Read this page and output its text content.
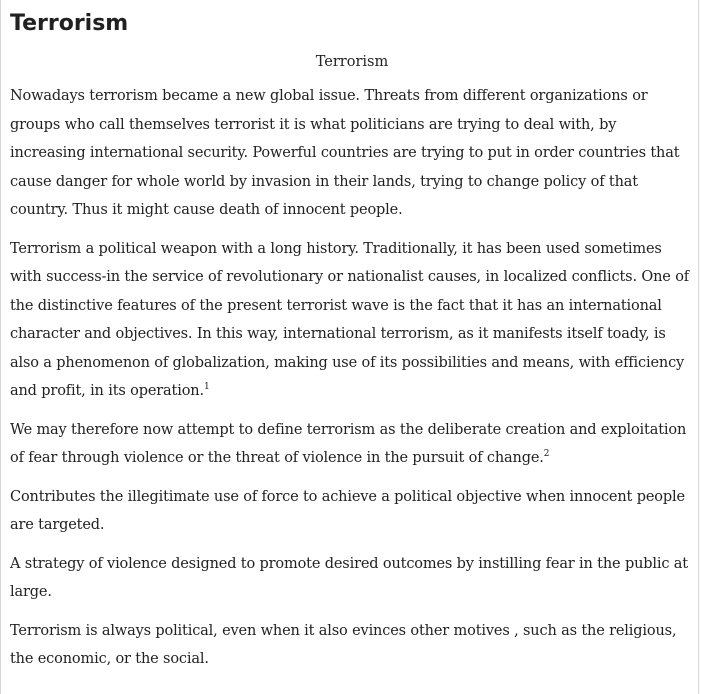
Terrorism

Terrorism

Nowadays terrorism became a new global issue. Threats from different organizations or groups who call themselves terrorist it is what politicians are trying to deal with, by increasing international security. Powerful countries are trying to put in order countries that cause danger for whole world by invasion in their lands, trying to change policy of that country. Thus it might cause death of innocent people.

Terrorism a political weapon with a long history. Traditionally, it has been used sometimes with success-in the service of revolutionary or nationalist causes, in localized conflicts. One of the distinctive features of the present terrorist wave is the fact that it has an international character and objectives. In this way, international terrorism, as it manifests itself toady, is also a phenomenon of globalization, making use of its possibilities and means, with efficiency and profit, in its operation.$^1$

We may therefore now attempt to define terrorism as the deliberate creation and exploitation of fear through violence or the threat of violence in the pursuit of change.$^2$

Contributes the illegitimate use of force to achieve a political objective when innocent people are targeted.

A strategy of violence designed to promote desired outcomes by instilling fear in the public at large.

Terrorism is always political, even when it also evinces other motives , such as the religious, the economic, or the social.
